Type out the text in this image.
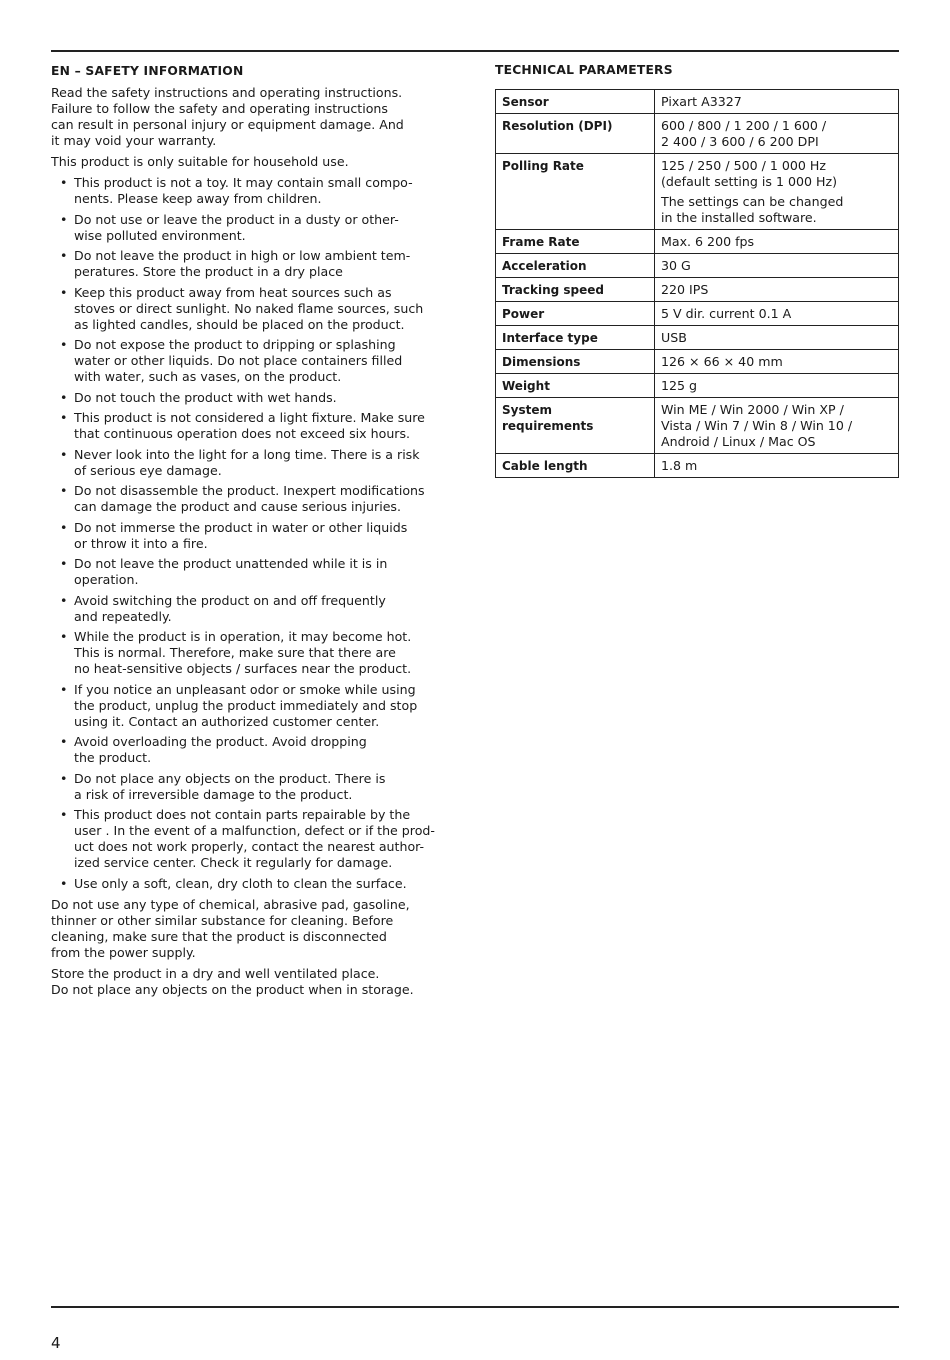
EN – SAFETY INFORMATION
Read the safety instructions and operating instructions.
Failure to follow the safety and operating instructions
can result in personal injury or equipment damage. And
it may void your warranty.
This product is only suitable for household use.
• This product is not a toy. It may contain small compo-
nents. Please keep away from children.
• Do not use or leave the product in a dusty or other-
wise polluted environment.
• Do not leave the product in high or low ambient tem-
peratures. Store the product in a dry place
• Keep this product away from heat sources such as
stoves or direct sunlight. No naked flame sources, such
as lighted candles, should be placed on the product.
• Do not expose the product to dripping or splashing
water or other liquids. Do not place containers filled
with water, such as vases, on the product.
• Do not touch the product with wet hands.
• This product is not considered a light fixture. Make sure
that continuous operation does not exceed six hours.
• Never look into the light for a long time. There is a risk
of serious eye damage.
• Do not disassemble the product. Inexpert modifications
can damage the product and cause serious injuries.
• Do not immerse the product in water or other liquids
or throw it into a fire.
• Do not leave the product unattended while it is in
operation.
• Avoid switching the product on and off frequently
and repeatedly.
• While the product is in operation, it may become hot.
This is normal. Therefore, make sure that there are
no heat-sensitive objects / surfaces near the product.
• If you notice an unpleasant odor or smoke while using
the product, unplug the product immediately and stop
using it. Contact an authorized customer center.
• Avoid overloading the product. Avoid dropping
the product.
• Do not place any objects on the product. There is
a risk of irreversible damage to the product.
• This product does not contain parts repairable by the
user . In the event of a malfunction, defect or if the prod-
uct does not work properly, contact the nearest author-
ized service center. Check it regularly for damage.
• Use only a soft, clean, dry cloth to clean the surface.
Do not use any type of chemical, abrasive pad, gasoline,
thinner or other similar substance for cleaning. Before
cleaning, make sure that the product is disconnected
from the power supply.
Store the product in a dry and well ventilated place.
Do not place any objects on the product when in storage.
TECHNICAL PARAMETERS
Sensor	Pixart A3327

Resolution (DPI)	600 / 800 / 1 200 / 1 600 /
2 400 / 3 600 / 6 200 DPI

Polling Rate	125 / 250 / 500 / 1 000 Hz
(default setting is 1 000 Hz)
The settings can be changed
in the installed software.

Frame Rate	Max. 6 200 fps

Acceleration	30 G

Tracking speed	220 IPS

Power	5 V dir. current 0.1 A

Interface type	USB

Dimensions	126 × 66 × 40 mm

Weight	125 g

System
requirements	Win ME / Win 2000 / Win XP /
Vista / Win 7 / Win 8 / Win 10 /
Android / Linux / Mac OS

Cable length	1.8 m
4
